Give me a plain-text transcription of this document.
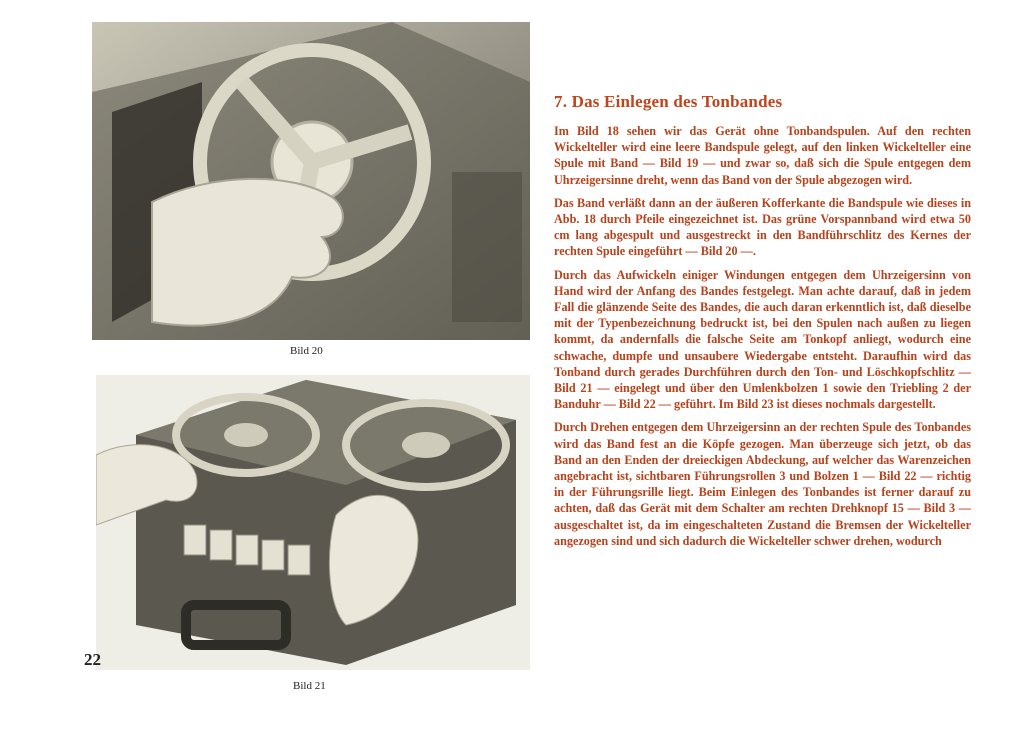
Bild 20
Bild 21
22
7. Das Einlegen des Tonbandes

Im Bild 18 sehen wir das Gerät ohne Tonbandspulen. Auf den rechten Wickelteller wird eine leere Bandspule gelegt, auf den linken Wickelteller eine Spule mit Band — Bild 19 — und zwar so, daß sich die Spule entgegen dem Uhrzeigersinne dreht, wenn das Band von der Spule abgezogen wird.

Das Band verläßt dann an der äußeren Kofferkante die Bandspule wie dieses in Abb. 18 durch Pfeile eingezeichnet ist. Das grüne Vorspannband wird etwa 50 cm lang abgespult und ausgestreckt in den Bandführschlitz des Kernes der rechten Spule eingeführt — Bild 20 —.

Durch das Aufwickeln einiger Windungen entgegen dem Uhrzeigersinn von Hand wird der Anfang des Bandes festgelegt. Man achte darauf, daß in jedem Fall die glänzende Seite des Bandes, die auch daran erkenntlich ist, daß dieselbe mit der Typenbezeichnung bedruckt ist, bei den Spulen nach außen zu liegen kommt, da andernfalls die falsche Seite am Tonkopf anliegt, wodurch eine schwache, dumpfe und unsaubere Wiedergabe entsteht. Daraufhin wird das Tonband durch gerades Durchführen durch den Ton- und Löschkopfschlitz — Bild 21 — eingelegt und über den Umlenkbolzen 1 sowie den Triebling 2 der Banduhr — Bild 22 — geführt. Im Bild 23 ist dieses nochmals dargestellt.

Durch Drehen entgegen dem Uhrzeigersinn an der rechten Spule des Tonbandes wird das Band fest an die Köpfe gezogen. Man überzeuge sich jetzt, ob das Band an den Enden der dreieckigen Abdeckung, auf welcher das Warenzeichen angebracht ist, sichtbaren Führungsrollen 3 und Bolzen 1 — Bild 22 — richtig in der Führungsrille liegt. Beim Einlegen des Tonbandes ist ferner darauf zu achten, daß das Gerät mit dem Schalter am rechten Drehknopf 15 — Bild 3 — ausgeschaltet ist, da im eingeschalteten Zustand die Bremsen der Wickelteller angezogen sind und sich dadurch die Wickelteller schwer drehen, wodurch
